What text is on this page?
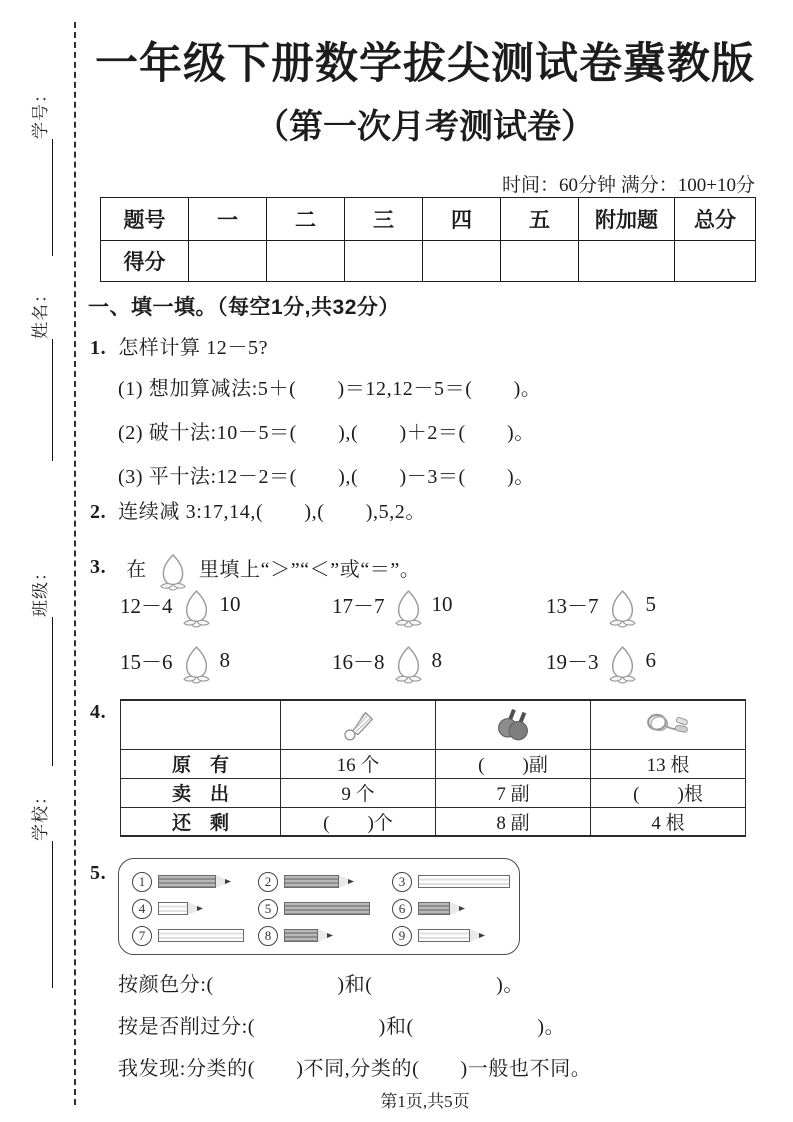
学号：
姓名：
班级：
学校：
一年级下册数学拔尖测试卷冀教版
（第一次月考测试卷）
时间：60分钟 满分：100+10分
题号	一	二	三	四	五	附加题	总分
得分							
一、填一填。（每空1分,共32分）
1. 怎样计算 12－5?
(1) 想加算减法:5＋(　　)＝12,12－5＝(　　)。
(2) 破十法:10－5＝(　　),(　　)＋2＝(　　)。
(3) 平十法:12－2＝(　　),(　　)－3＝(　　)。
2. 连续减 3:17,14,(　　),(　　),5,2。
3. 在	里填上“＞”“＜”或“＝”。
12－4 10	17－7 10	13－7 5
15－6 8	16－8 8	19－3 6
4.

原　有	16 个	(　　)副	13 根
卖　出	9 个	7 副	(　　)根
还　剩	(　　)个	8 副	4 根
5.	1	2	3
4	5	6
7	8	9
按颜色分:(　　　　　　)和(　　　　　　)。
按是否削过分:(　　　　　　)和(　　　　　　)。
我发现:分类的(　　)不同,分类的(　　)一般也不同。
第1页,共5页
